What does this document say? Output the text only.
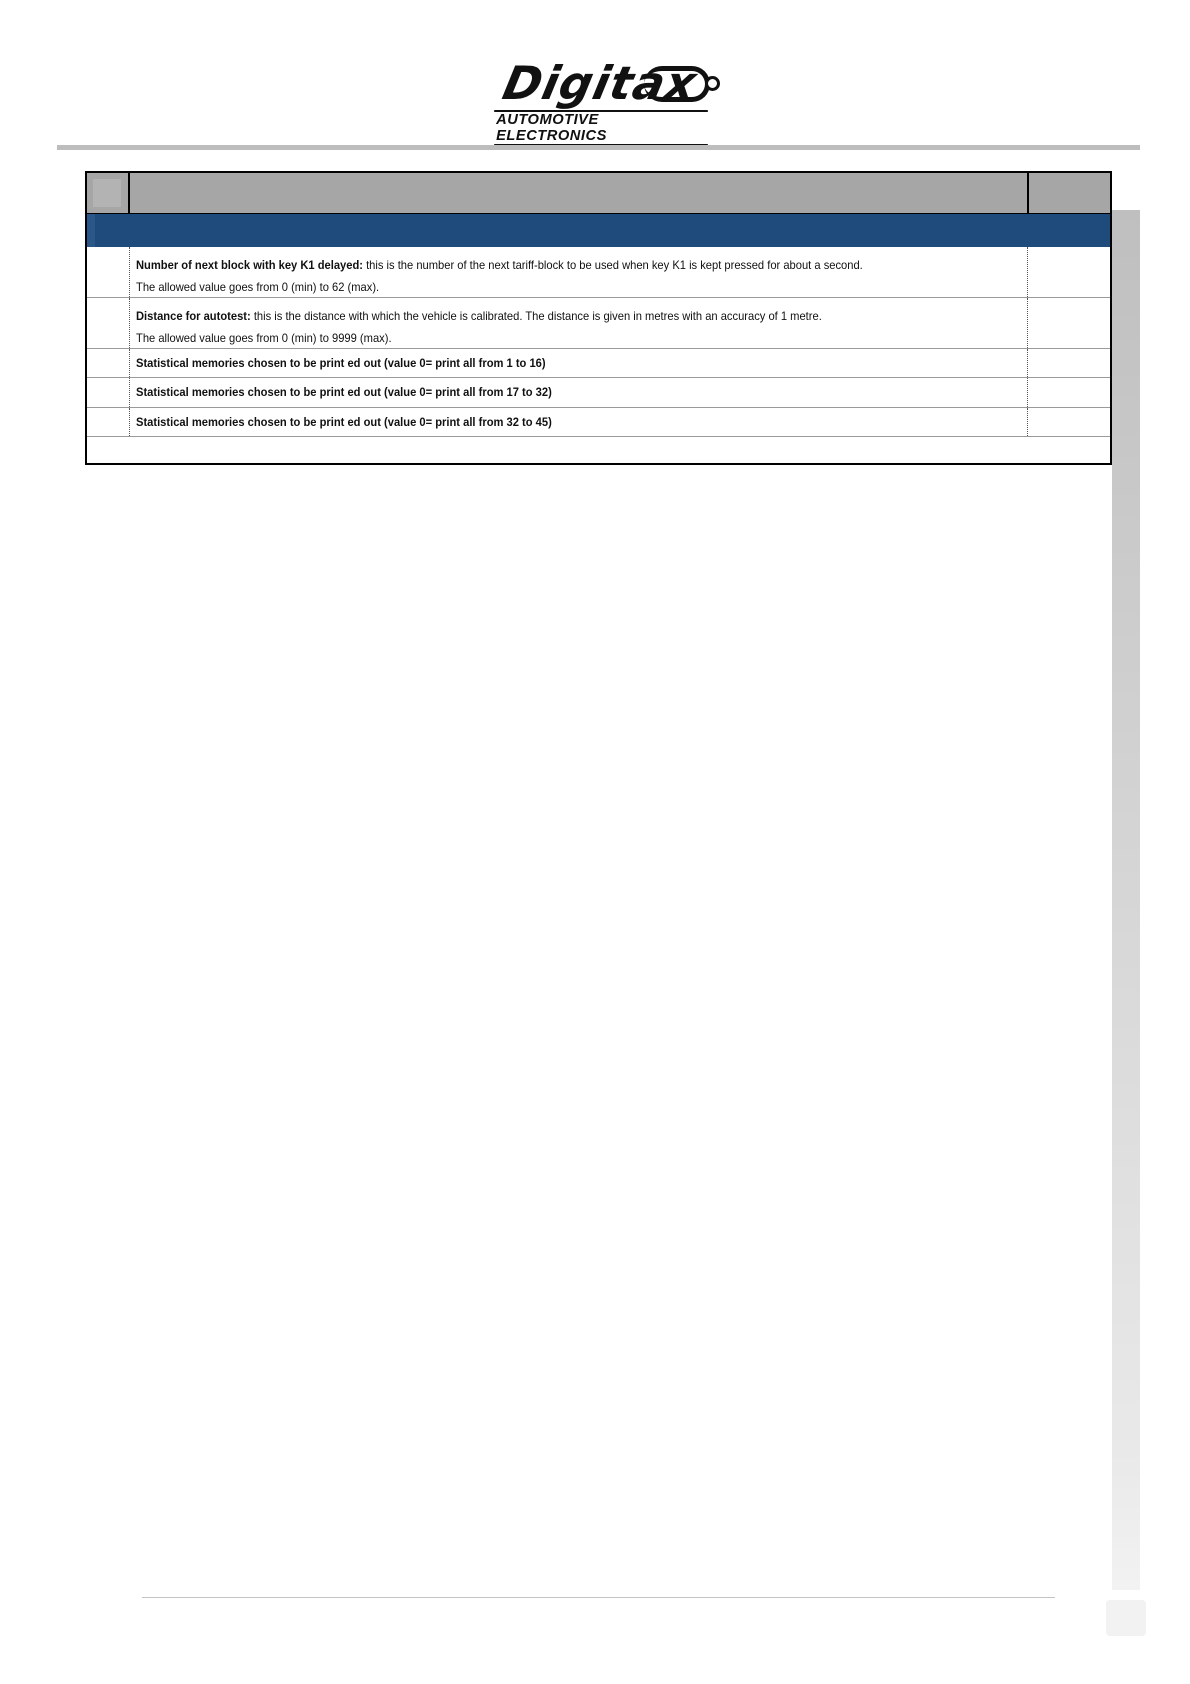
Digitax
AUTOMOTIVE ELECTRONICS
Number of next block with key K1 delayed: this is the number of the next tariff-block to be used when key K1 is kept pressed for about a second.
The allowed value goes from 0 (min) to 62 (max).
Distance for autotest: this is the distance with which the vehicle is calibrated. The distance is given in metres with an accuracy of 1 metre.
The allowed value goes from 0 (min) to 9999 (max).
Statistical memories chosen to be print ed out (value 0= print all from 1 to 16)
Statistical memories chosen to be print ed out (value 0= print all from 17 to 32)
Statistical memories chosen to be print ed out (value 0= print all from 32 to 45)
